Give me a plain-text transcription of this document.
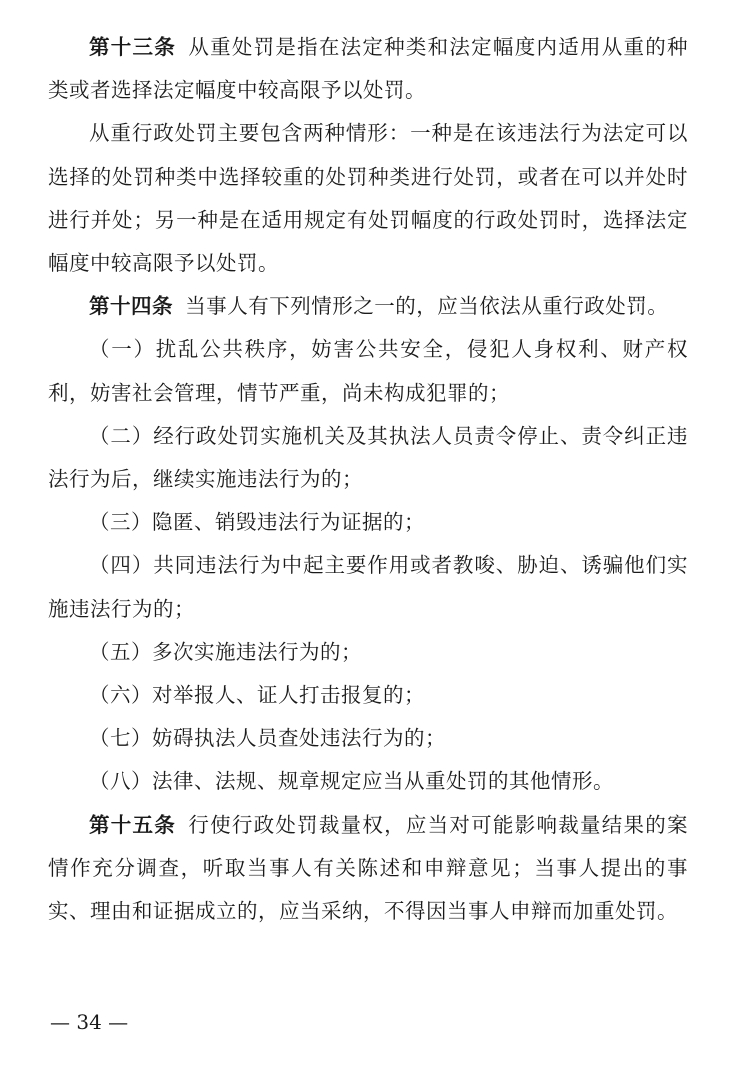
第十三条 从重处罚是指在法定种类和法定幅度内适用从重的种类或者选择法定幅度中较高限予以处罚。

从重行政处罚主要包含两种情形：一种是在该违法行为法定可以选择的处罚种类中选择较重的处罚种类进行处罚，或者在可以并处时进行并处；另一种是在适用规定有处罚幅度的行政处罚时，选择法定幅度中较高限予以处罚。

第十四条 当事人有下列情形之一的，应当依法从重行政处罚。

（一）扰乱公共秩序，妨害公共安全，侵犯人身权利、财产权利，妨害社会管理，情节严重，尚未构成犯罪的；

（二）经行政处罚实施机关及其执法人员责令停止、责令纠正违法行为后，继续实施违法行为的；

（三）隐匿、销毁违法行为证据的；

（四）共同违法行为中起主要作用或者教唆、胁迫、诱骗他们实施违法行为的；

（五）多次实施违法行为的；

（六）对举报人、证人打击报复的；

（七）妨碍执法人员查处违法行为的；

（八）法律、法规、规章规定应当从重处罚的其他情形。

第十五条 行使行政处罚裁量权，应当对可能影响裁量结果的案情作充分调查，听取当事人有关陈述和申辩意见；当事人提出的事实、理由和证据成立的，应当采纳，不得因当事人申辩而加重处罚。

— 34 —
